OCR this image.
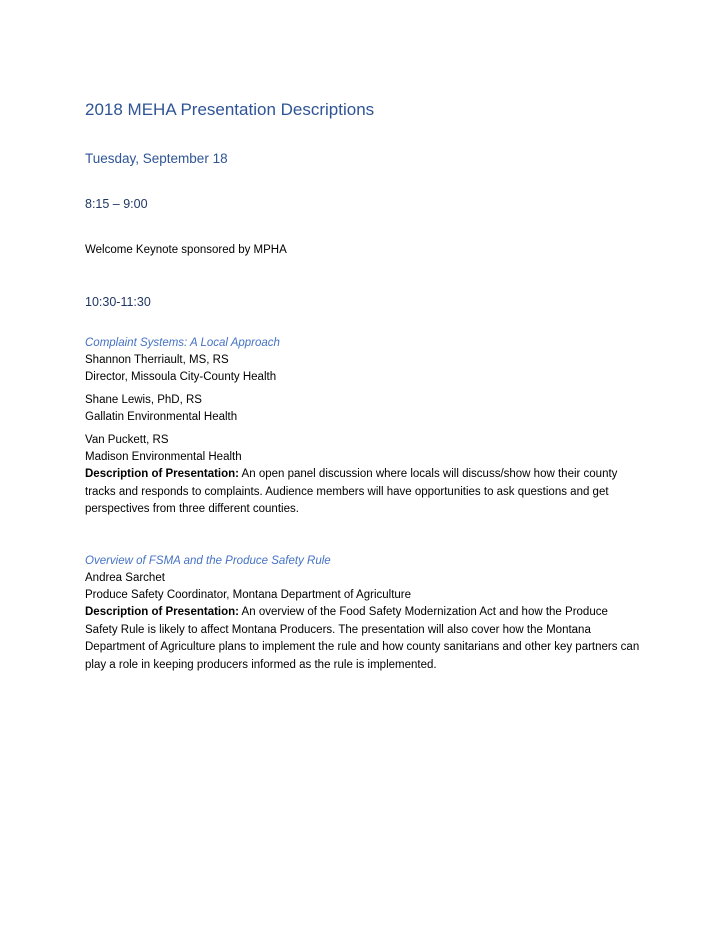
2018 MEHA Presentation Descriptions
Tuesday, September 18
8:15 – 9:00
Welcome Keynote sponsored by MPHA
10:30-11:30
Complaint Systems: A Local Approach
Shannon Therriault, MS, RS
Director, Missoula City-County Health
Shane Lewis, PhD, RS
Gallatin Environmental Health
Van Puckett, RS
Madison Environmental Health
Description of Presentation: An open panel discussion where locals will discuss/show how their county tracks and responds to complaints. Audience members will have opportunities to ask questions and get perspectives from three different counties.
Overview of FSMA and the Produce Safety Rule
Andrea Sarchet
Produce Safety Coordinator, Montana Department of Agriculture
Description of Presentation: An overview of the Food Safety Modernization Act and how the Produce Safety Rule is likely to affect Montana Producers. The presentation will also cover how the Montana Department of Agriculture plans to implement the rule and how county sanitarians and other key partners can play a role in keeping producers informed as the rule is implemented.
